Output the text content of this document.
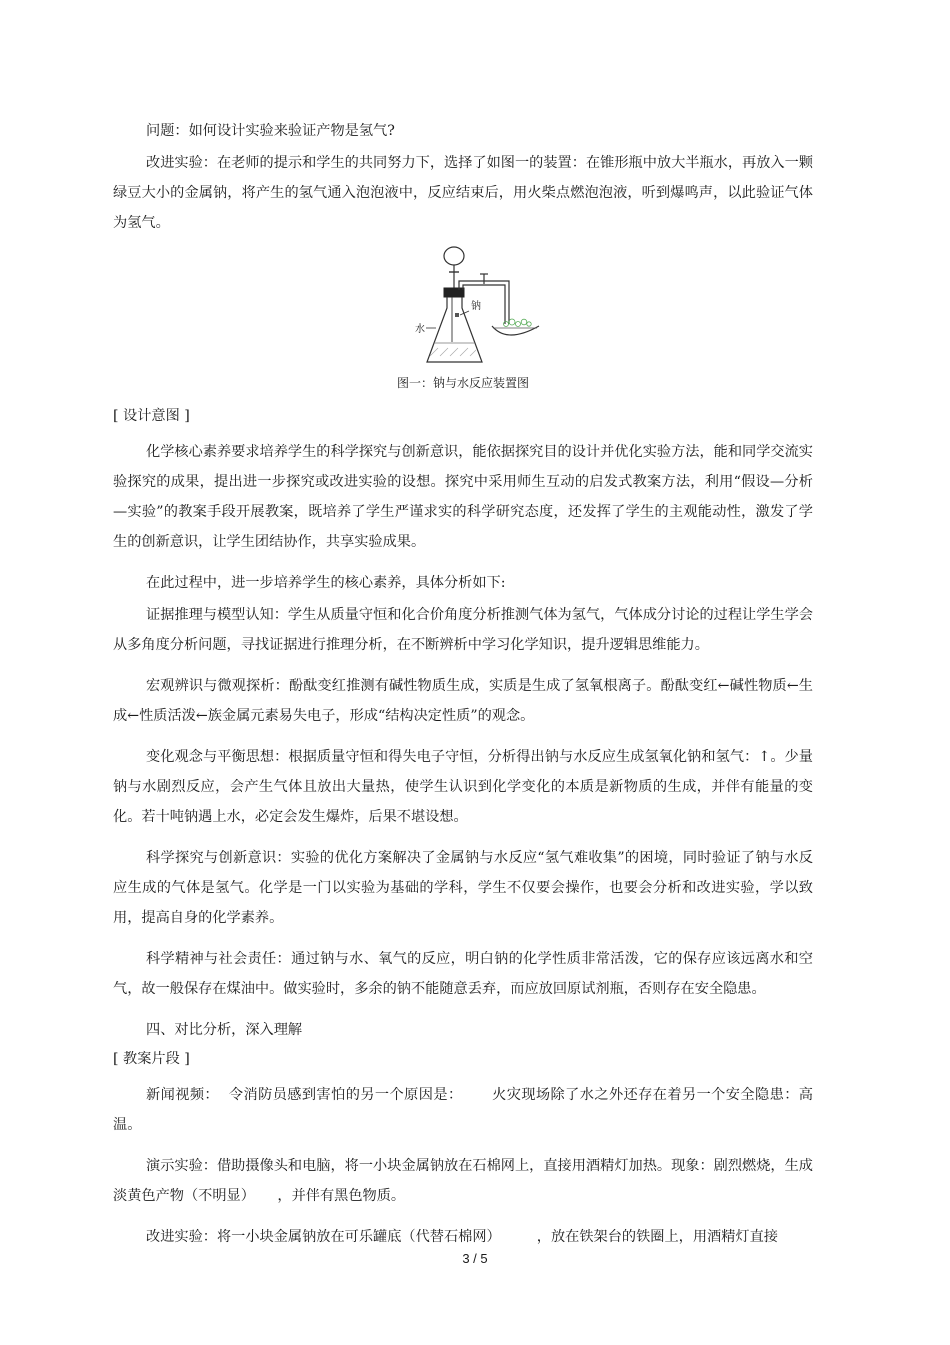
问题：如何设计实验来验证产物是氢气?

改进实验：在老师的提示和学生的共同努力下，选择了如图一的装置：在锥形瓶中放大半瓶水，再放入一颗绿豆大小的金属钠，将产生的氢气通入泡泡液中，反应结束后，用火柴点燃泡泡液，听到爆鸣声，以此验证气体为氢气。

钠
水

图一：钠与水反应装置图

[ 设计意图 ]

化学核心素养要求培养学生的科学探究与创新意识，能依据探究目的设计并优化实验方法，能和同学交流实验探究的成果，提出进一步探究或改进实验的设想。探究中采用师生互动的启发式教案方法，利用“假设—分析—实验”的教案手段开展教案，既培养了学生严谨求实的科学研究态度，还发挥了学生的主观能动性，激发了学生的创新意识，让学生团结协作，共享实验成果。

在此过程中，进一步培养学生的核心素养，具体分析如下:

证据推理与模型认知：学生从质量守恒和化合价角度分析推测气体为氢气，气体成分讨论的过程让学生学会从多角度分析问题，寻找证据进行推理分析，在不断辨析中学习化学知识，提升逻辑思维能力。

宏观辨识与微观探析：酚酞变红推测有碱性物质生成，实质是生成了氢氧根离子。酚酞变红←碱性物质←生成←性质活泼←族金属元素易失电子，形成“结构决定性质”的观念。

变化观念与平衡思想：根据质量守恒和得失电子守恒，分析得出钠与水反应生成氢氧化钠和氢气：↑。少量钠与水剧烈反应，会产生气体且放出大量热，使学生认识到化学变化的本质是新物质的生成，并伴有能量的变化。若十吨钠遇上水，必定会发生爆炸，后果不堪设想。

科学探究与创新意识：实验的优化方案解决了金属钠与水反应“氢气难收集”的困境，同时验证了钠与水反应生成的气体是氢气。化学是一门以实验为基础的学科，学生不仅要会操作，也要会分析和改进实验，学以致用，提高自身的化学素养。

科学精神与社会责任：通过钠与水、氧气的反应，明白钠的化学性质非常活泼，它的保存应该远离水和空气，故一般保存在煤油中。做实验时，多余的钠不能随意丢弃，而应放回原试剂瓶，否则存在安全隐患。

四、对比分析，深入理解

[ 教案片段 ]

新闻视频：  令消防员感到害怕的另一个原因是：      火灾现场除了水之外还存在着另一个安全隐患：高温。

演示实验：借助摄像头和电脑，将一小块金属钠放在石棉网上，直接用酒精灯加热。现象：剧烈燃烧，生成淡黄色产物（不明显）     ，并伴有黑色物质。

改进实验：将一小块金属钠放在可乐罐底（代替石棉网）        ，放在铁架台的铁圈上，用酒精灯直接

3 / 5
